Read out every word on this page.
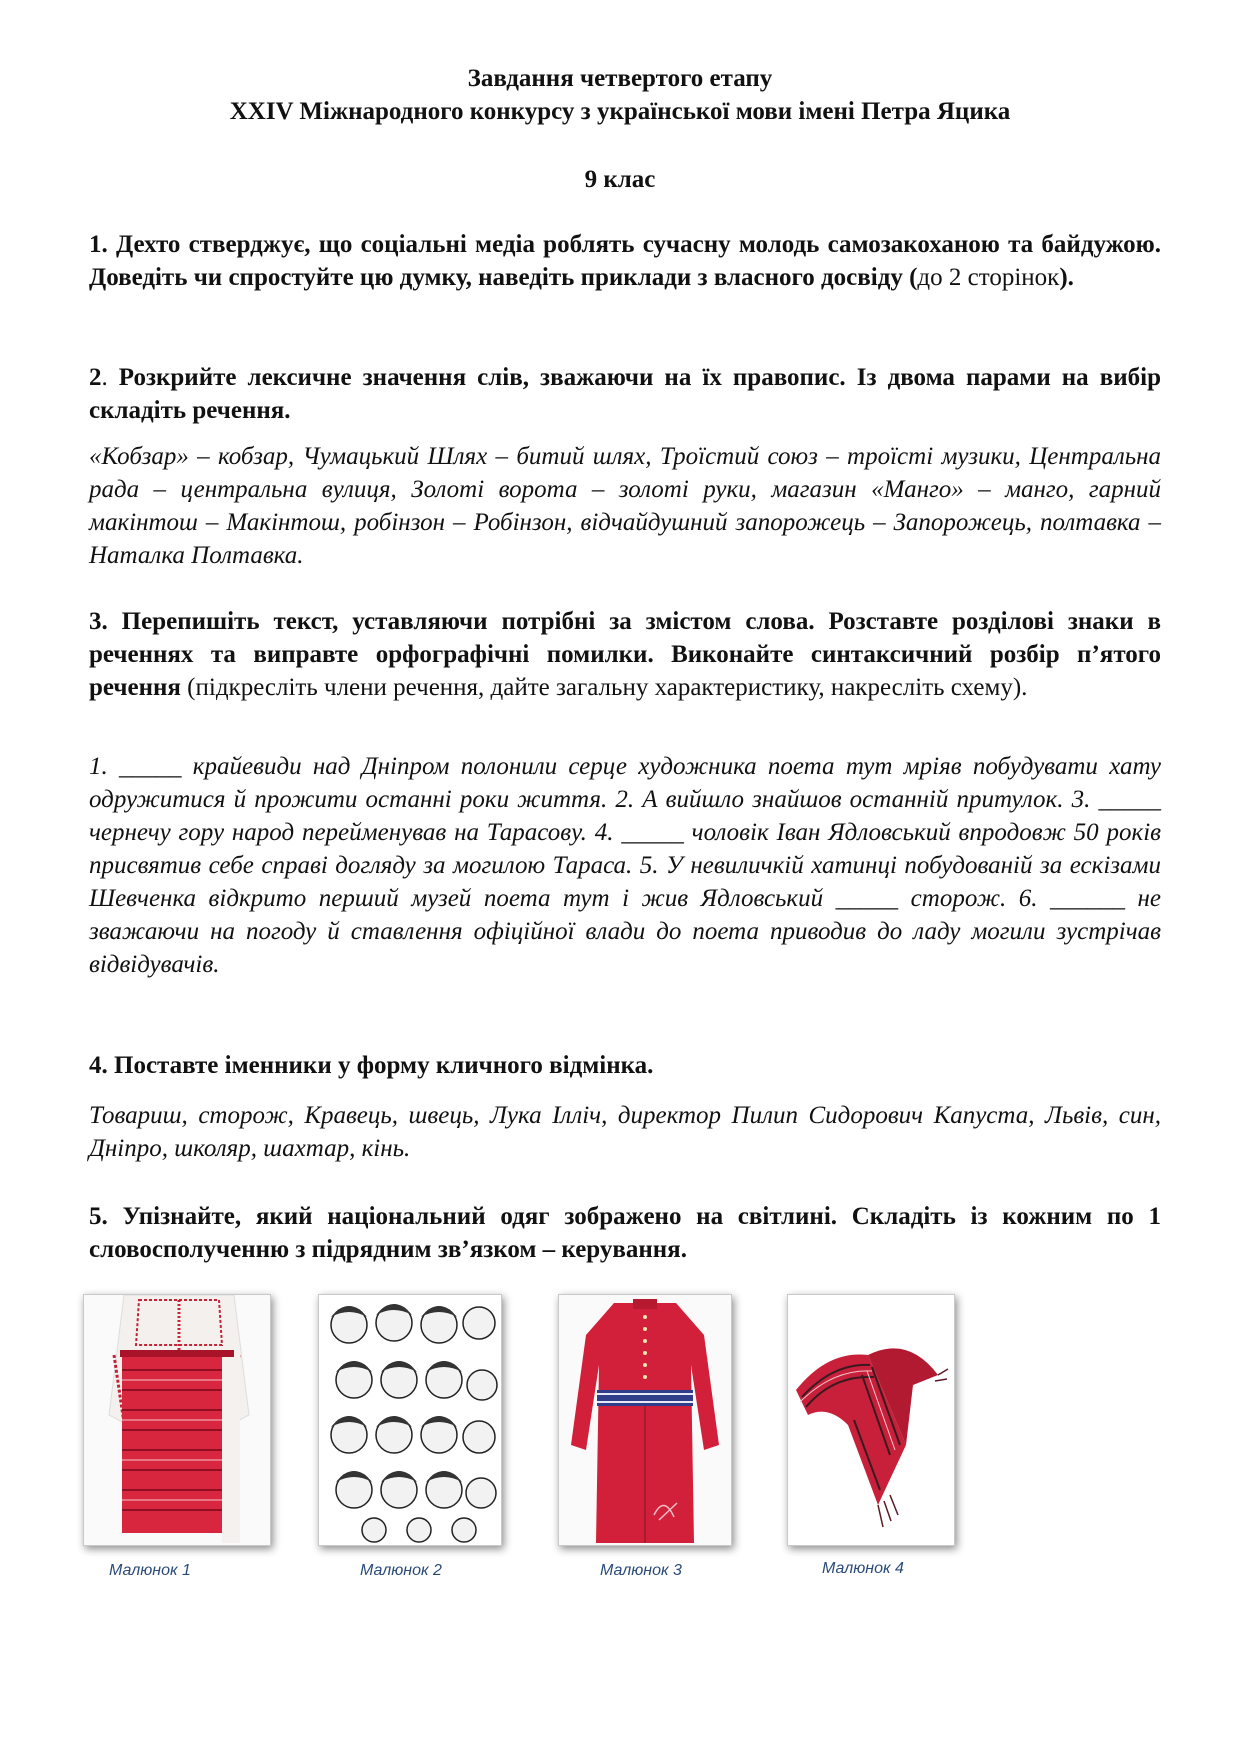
Завдання четвертого етапу
XXIV Міжнародного конкурсу з української мови імені Петра Яцика
9 клас
1. Дехто стверджує, що соціальні медіа роблять сучасну молодь самозакоханою та байдужою. Доведіть чи спростуйте цю думку, наведіть приклади з власного досвіду (до 2 сторінок).
2. Розкрийте лексичне значення слів, зважаючи на їх правопис. Із двома парами на вибір складіть речення.
«Кобзар» – кобзар, Чумацький Шлях – битий шлях, Троїстий союз – троїсті музики, Центральна рада – центральна вулиця, Золоті ворота – золоті руки, магазин «Манго» – манго, гарний макінтош – Макінтош, робінзон – Робінзон, відчайдушний запорожець – Запорожець, полтавка – Наталка Полтавка.
3. Перепишіть текст, уставляючи потрібні за змістом слова. Розставте розділові знаки в реченнях та виправте орфографічні помилки. Виконайте синтаксичний розбір п’ятого речення (підкресліть члени речення, дайте загальну характеристику, накресліть схему).
1. _____ крайевиди над Дніпром полонили серце художника поета тут мріяв побудувати хату одружитися й прожити останні роки життя. 2. А вийшло знайшов останній притулок. 3. _____ чернечу гору народ перейменував на Тарасову. 4. _____ чоловік Іван Ядловський впродовж 50 років присвятив себе справі догляду за могилою Тараса. 5. У невиличкій хатинці побудованій за ескізами Шевченка відкрито перший музей поета тут і жив Ядловський _____ сторож. 6. ______ не зважаючи на погоду й ставлення офіційної влади до поета приводив до ладу могили зустрічав відвідувачів.
4. Поставте іменники у форму кличного відмінка.
Товариш, сторож, Кравець, швець, Лука Ілліч, директор Пилип Сидорович Капуста, Львів, син, Дніпро, школяр, шахтар, кінь.
5. Упізнайте, який національний одяг зображено на світлині. Складіть із кожним по 1 словосполученню з підрядним зв’язком – керування.
Малюнок 1	Малюнок 2	Малюнок 3	Малюнок 4
